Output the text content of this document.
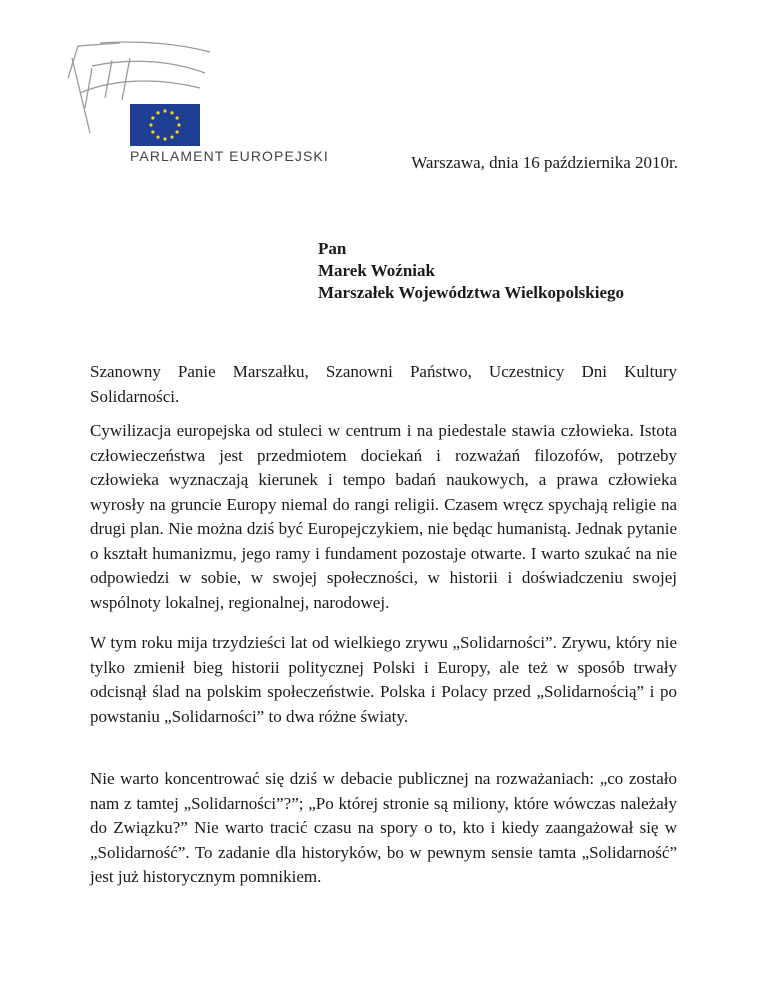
PARLAMENT EUROPEJSKI	Warszawa, dnia 16 października 2010r.
Pan
Marek Woźniak
Marszałek Województwa Wielkopolskiego

Szanowny Panie Marszałku, Szanowni Państwo, Uczestnicy Dni Kultury Solidarności.

Cywilizacja europejska od stuleci w centrum i na piedestale stawia człowieka. Istota człowieczeństwa jest przedmiotem dociekań i rozważań filozofów, potrzeby człowieka wyznaczają kierunek i tempo badań naukowych, a prawa człowieka wyrosły na gruncie Europy niemal do rangi religii. Czasem wręcz spychają religie na drugi plan. Nie można dziś być Europejczykiem, nie będąc humanistą. Jednak pytanie o kształt humanizmu, jego ramy i fundament pozostaje otwarte. I warto szukać na nie odpowiedzi w sobie, w swojej społeczności, w historii i doświadczeniu swojej wspólnoty lokalnej, regionalnej, narodowej.

W tym roku mija trzydzieści lat od wielkiego zrywu „Solidarności”. Zrywu, który nie tylko zmienił bieg historii politycznej Polski i Europy, ale też w sposób trwały odcisnął ślad na polskim społeczeństwie. Polska i Polacy przed „Solidarnością” i po powstaniu „Solidarności” to dwa różne światy.

Nie warto koncentrować się dziś w debacie publicznej na rozważaniach: „co zostało nam z tamtej „Solidarności”?”; „Po której stronie są miliony, które wówczas należały do Związku?” Nie warto tracić czasu na spory o to, kto i kiedy zaangażował się w „Solidarność”. To zadanie dla historyków, bo w pewnym sensie tamta „Solidarność” jest już historycznym pomnikiem.
